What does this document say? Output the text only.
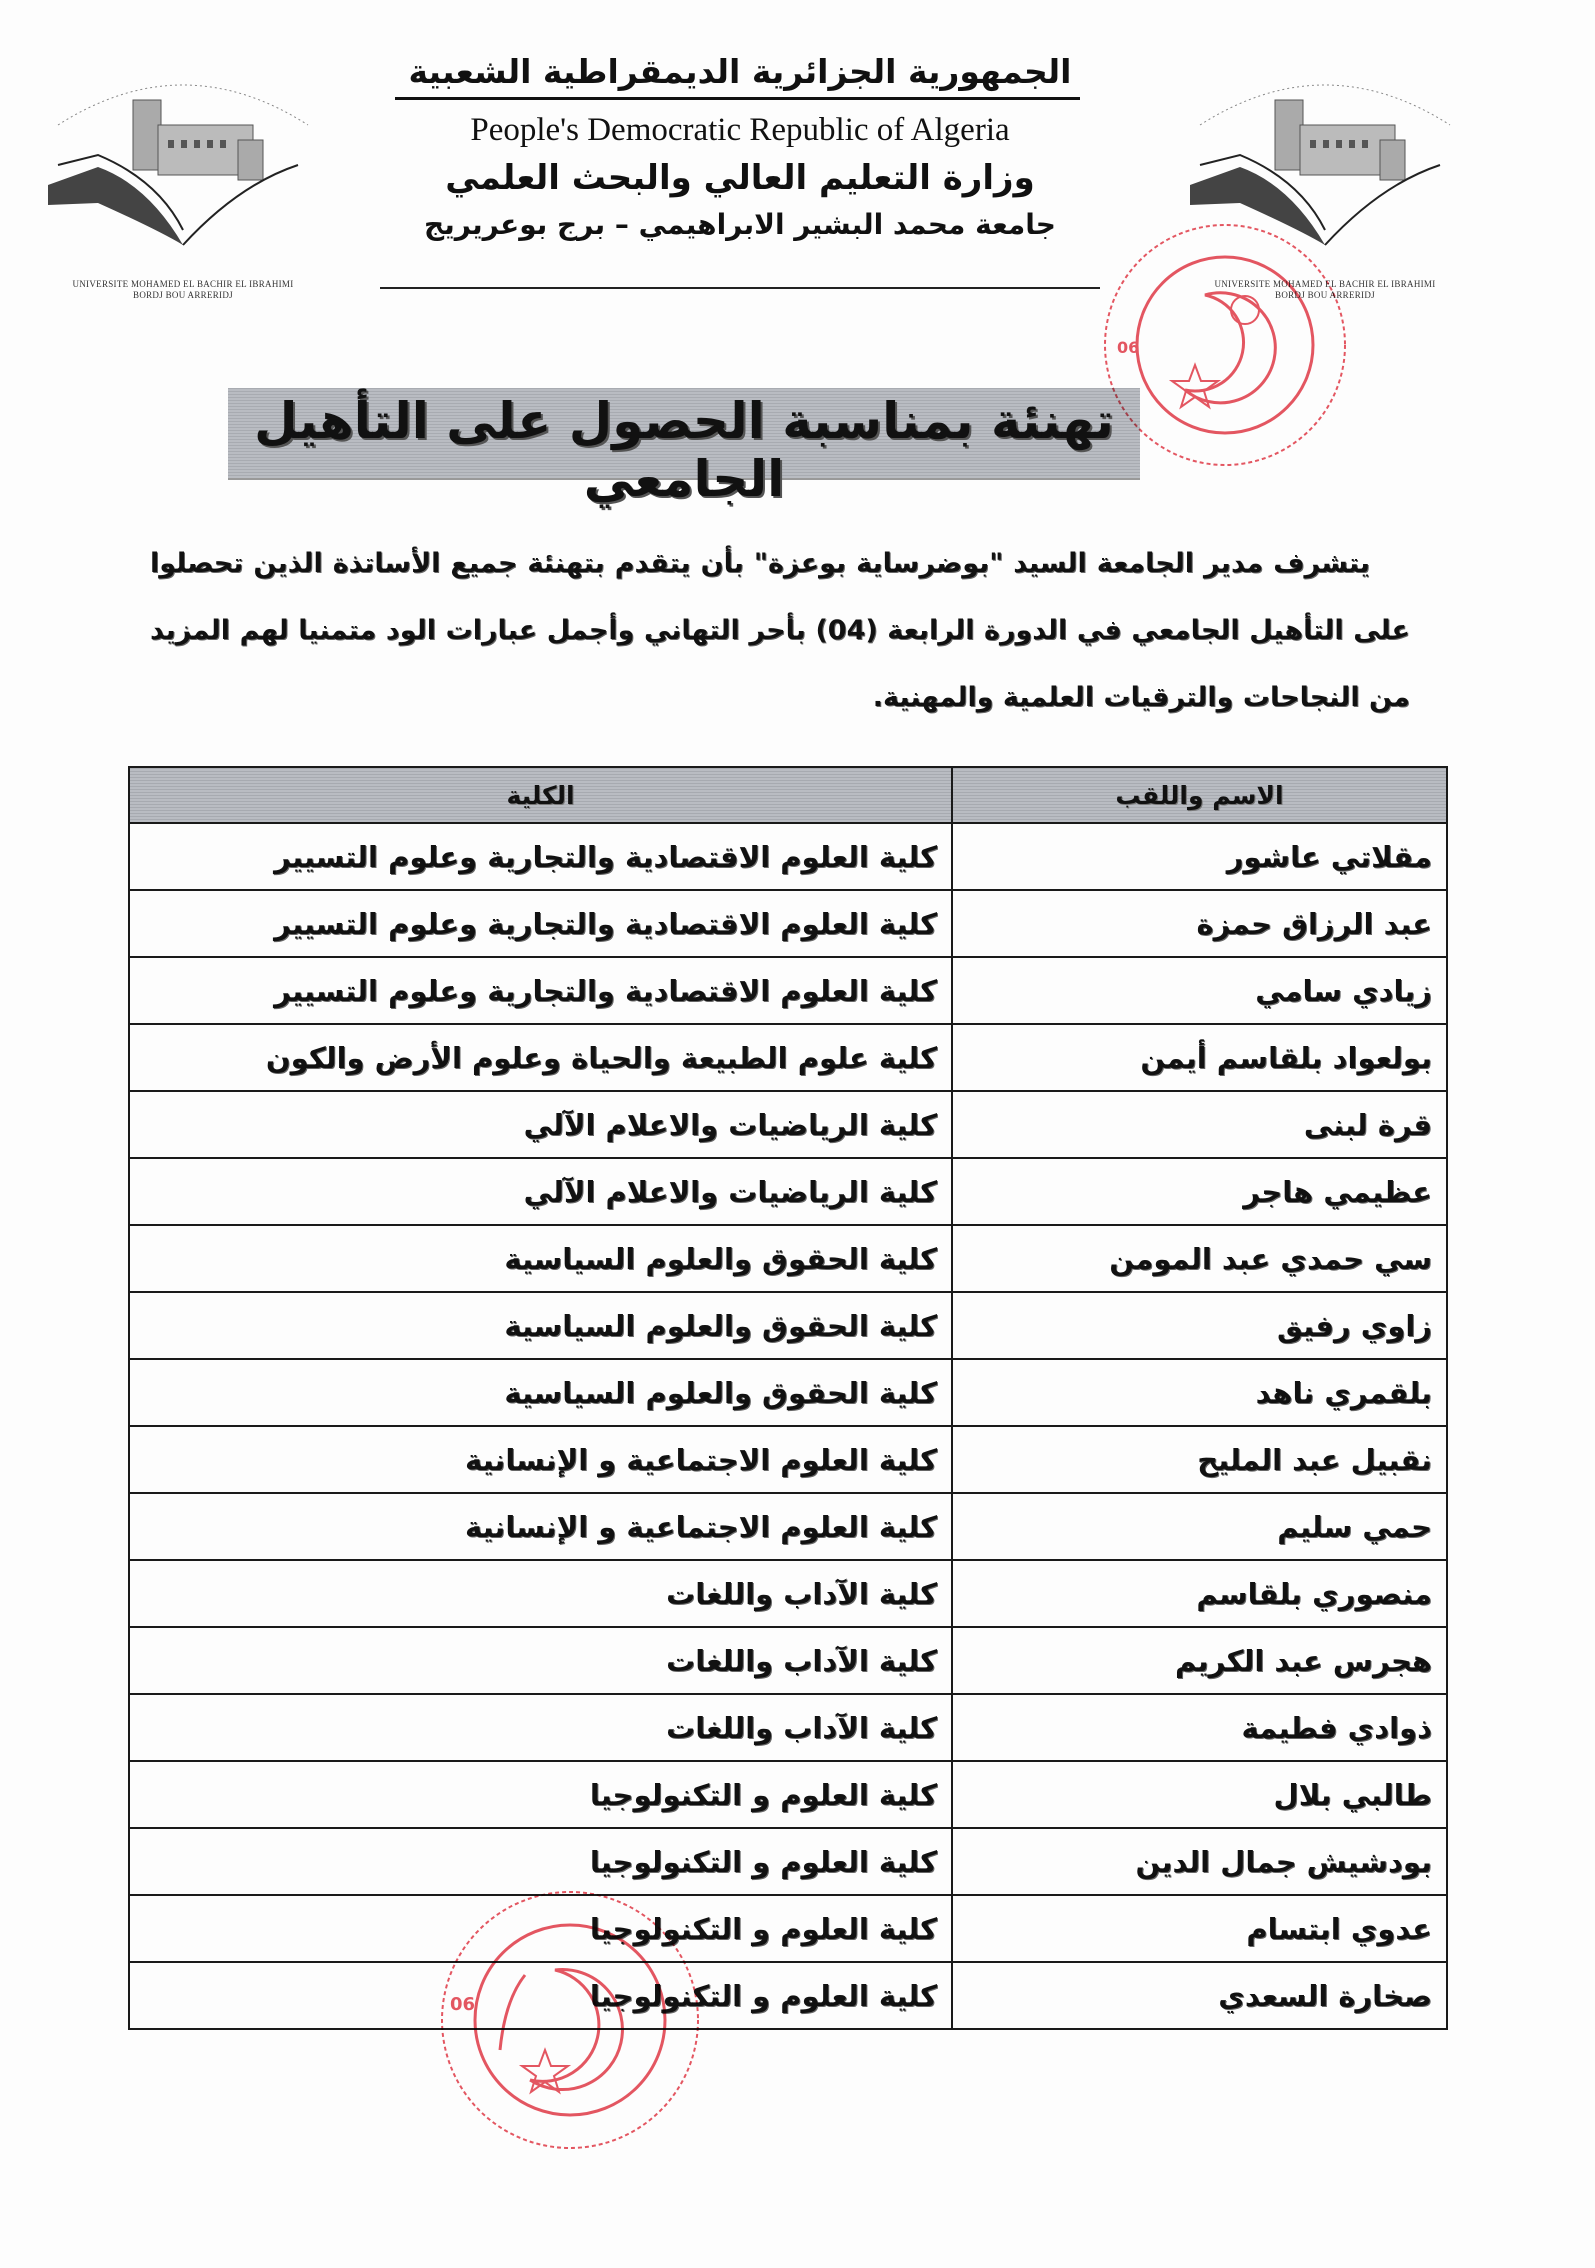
UNIVERSITE MOHAMED EL BACHIR EL IBRAHIMI
BORDJ BOU ARRERIDJ
UNIVERSITE MOHAMED EL BACHIR EL IBRAHIMI
BORDJ BOU ARRERIDJ
الجمهورية الجزائرية الديمقراطية الشعبية
People's Democratic Republic of Algeria
وزارة التعليم العالي والبحث العلمي
جامعة محمد البشير الابراهيمي – برج بوعريريج
تهنئة بمناسبة الحصول على التأهيل الجامعي
يتشرف مدير الجامعة السيد "بوضرساية بوعزة" بأن يتقدم بتهنئة جميع الأساتذة الذين تحصلوا على التأهيل الجامعي في الدورة الرابعة (04) بأحر التهاني وأجمل عبارات الود متمنيا لهم المزيد من النجاحات والترقيات العلمية والمهنية.
الاسم واللقب	الكلية
مقلاتي عاشور	كلية العلوم الاقتصادية والتجارية وعلوم التسيير
عبد الرزاق حمزة	كلية العلوم الاقتصادية والتجارية وعلوم التسيير
زيادي سامي	كلية العلوم الاقتصادية والتجارية وعلوم التسيير
بولعواد بلقاسم أيمن	كلية علوم الطبيعة والحياة وعلوم الأرض والكون
قرة لبنى	كلية الرياضيات والاعلام الآلي
عظيمي هاجر	كلية الرياضيات والاعلام الآلي
سي حمدي عبد المومن	كلية الحقوق والعلوم السياسية
زاوي رفيق	كلية الحقوق والعلوم السياسية
بلقمري ناهد	كلية الحقوق والعلوم السياسية
نقبيل عبد المليح	كلية العلوم الاجتماعية و الإنسانية
حمي سليم	كلية العلوم الاجتماعية و الإنسانية
منصوري بلقاسم	كلية الآداب واللغات
هجرس عبد الكريم	كلية الآداب واللغات
ذوادي فطيمة	كلية الآداب واللغات
طالبي بلال	كلية العلوم و التكنولوجيا
بودشيش جمال الدين	كلية العلوم و التكنولوجيا
عدوي ابتسام	كلية العلوم و التكنولوجيا
صخارة السعدي	كلية العلوم و التكنولوجيا
06
06
